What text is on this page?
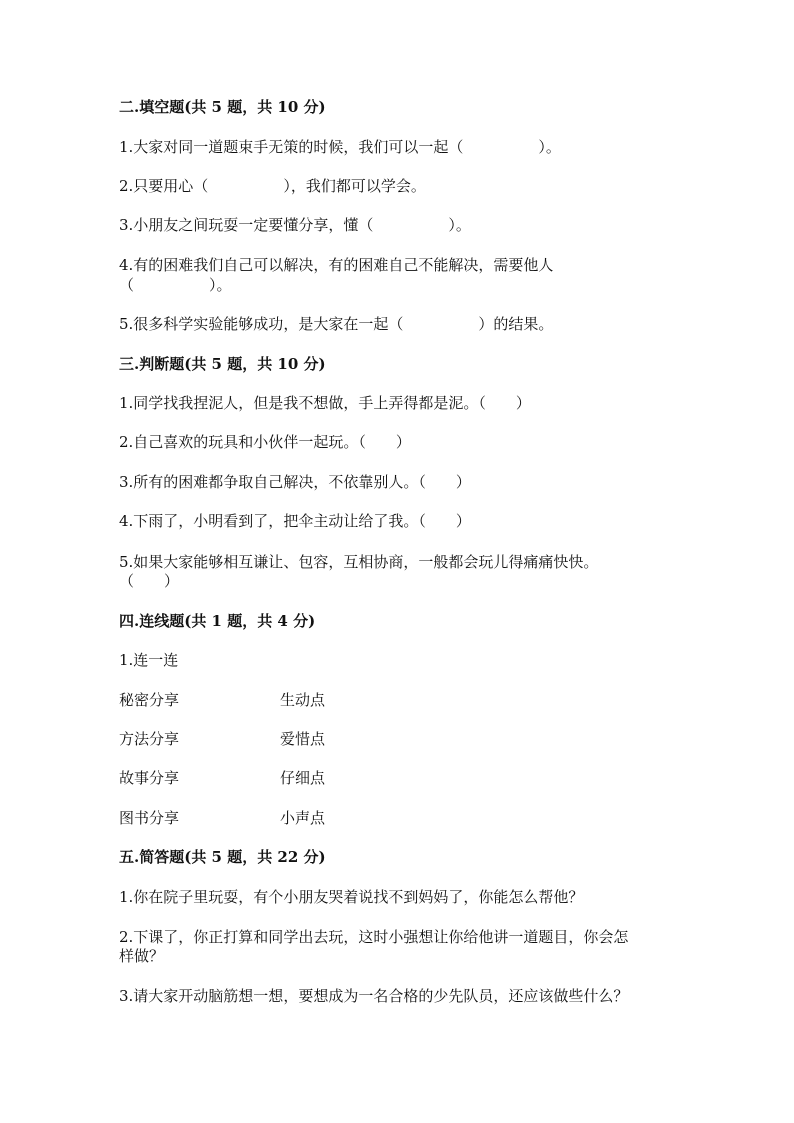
二.填空题(共 5 题，共 10 分)
1.大家对同一道题束手无策的时候，我们可以一起（　　　　　）。
2.只要用心（　　　　　），我们都可以学会。
3.小朋友之间玩耍一定要懂分享，懂（　　　　　）。
4.有的困难我们自己可以解决，有的困难自己不能解决，需要他人
（　　　　　）。
5.很多科学实验能够成功，是大家在一起（　　　　　）的结果。
三.判断题(共 5 题，共 10 分)
1.同学找我捏泥人，但是我不想做，手上弄得都是泥。（　　）
2.自己喜欢的玩具和小伙伴一起玩。（　　）
3.所有的困难都争取自己解决，不依靠别人。（　　）
4.下雨了，小明看到了，把伞主动让给了我。（　　）
5.如果大家能够相互谦让、包容，互相协商，一般都会玩儿得痛痛快快。
（　　）
四.连线题(共 1 题，共 4 分)
1.连一连
秘密分享	生动点
方法分享	爱惜点
故事分享	仔细点
图书分享	小声点
五.简答题(共 5 题，共 22 分)
1.你在院子里玩耍，有个小朋友哭着说找不到妈妈了，你能怎么帮他？
2.下课了，你正打算和同学出去玩，这时小强想让你给他讲一道题目，你会怎
样做？
3.请大家开动脑筋想一想，要想成为一名合格的少先队员，还应该做些什么？
